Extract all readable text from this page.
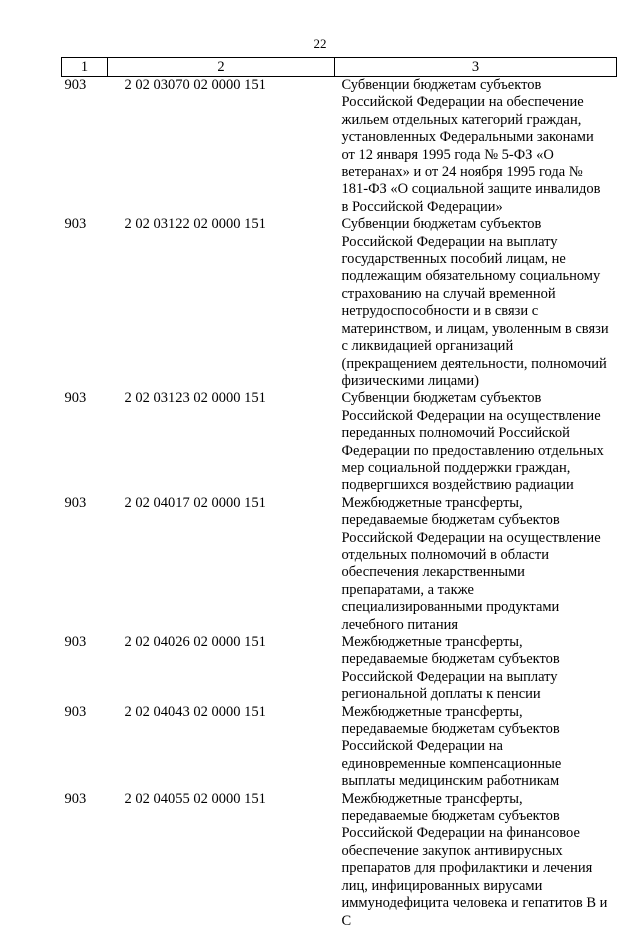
22
1	2	3
903	2 02 03070 02 0000 151	Субвенции бюджетам субъектов Российской Федерации на обеспечение жильем отдельных категорий граждан, установленных Федеральными законами от 12 января 1995 года № 5-ФЗ «О ветеранах» и от 24 ноября 1995 года № 181-ФЗ «О социальной защите инвалидов в Российской Федерации»
903	2 02 03122 02 0000 151	Субвенции бюджетам субъектов Российской Федерации на выплату государственных пособий лицам, не подлежащим обязательному социальному страхованию на случай временной нетрудоспособности и в связи с материнством, и лицам, уволенным в связи с ликвидацией организаций (прекращением деятельности, полномочий физическими лицами)
903	2 02 03123 02 0000 151	Субвенции бюджетам субъектов Российской Федерации на осуществление переданных полномочий Российской Федерации по предоставлению отдельных мер социальной поддержки граждан, подвергшихся воздействию радиации
903	2 02 04017 02 0000 151	Межбюджетные трансферты, передаваемые бюджетам субъектов Российской Федерации на осуществление отдельных полномочий в области обеспечения лекарственными препаратами, а также специализированными продуктами лечебного питания
903	2 02 04026 02 0000 151	Межбюджетные трансферты, передаваемые бюджетам субъектов Российской Федерации на выплату региональной доплаты к пенсии
903	2 02 04043 02 0000 151	Межбюджетные трансферты, передаваемые бюджетам субъектов Российской Федерации на единовременные компенсационные выплаты медицинским работникам
903	2 02 04055 02 0000 151	Межбюджетные трансферты, передаваемые бюджетам субъектов Российской Федерации на финансовое обеспечение закупок антивирусных препаратов для профилактики и лечения лиц, инфицированных вирусами иммунодефицита человека и гепатитов В и С
